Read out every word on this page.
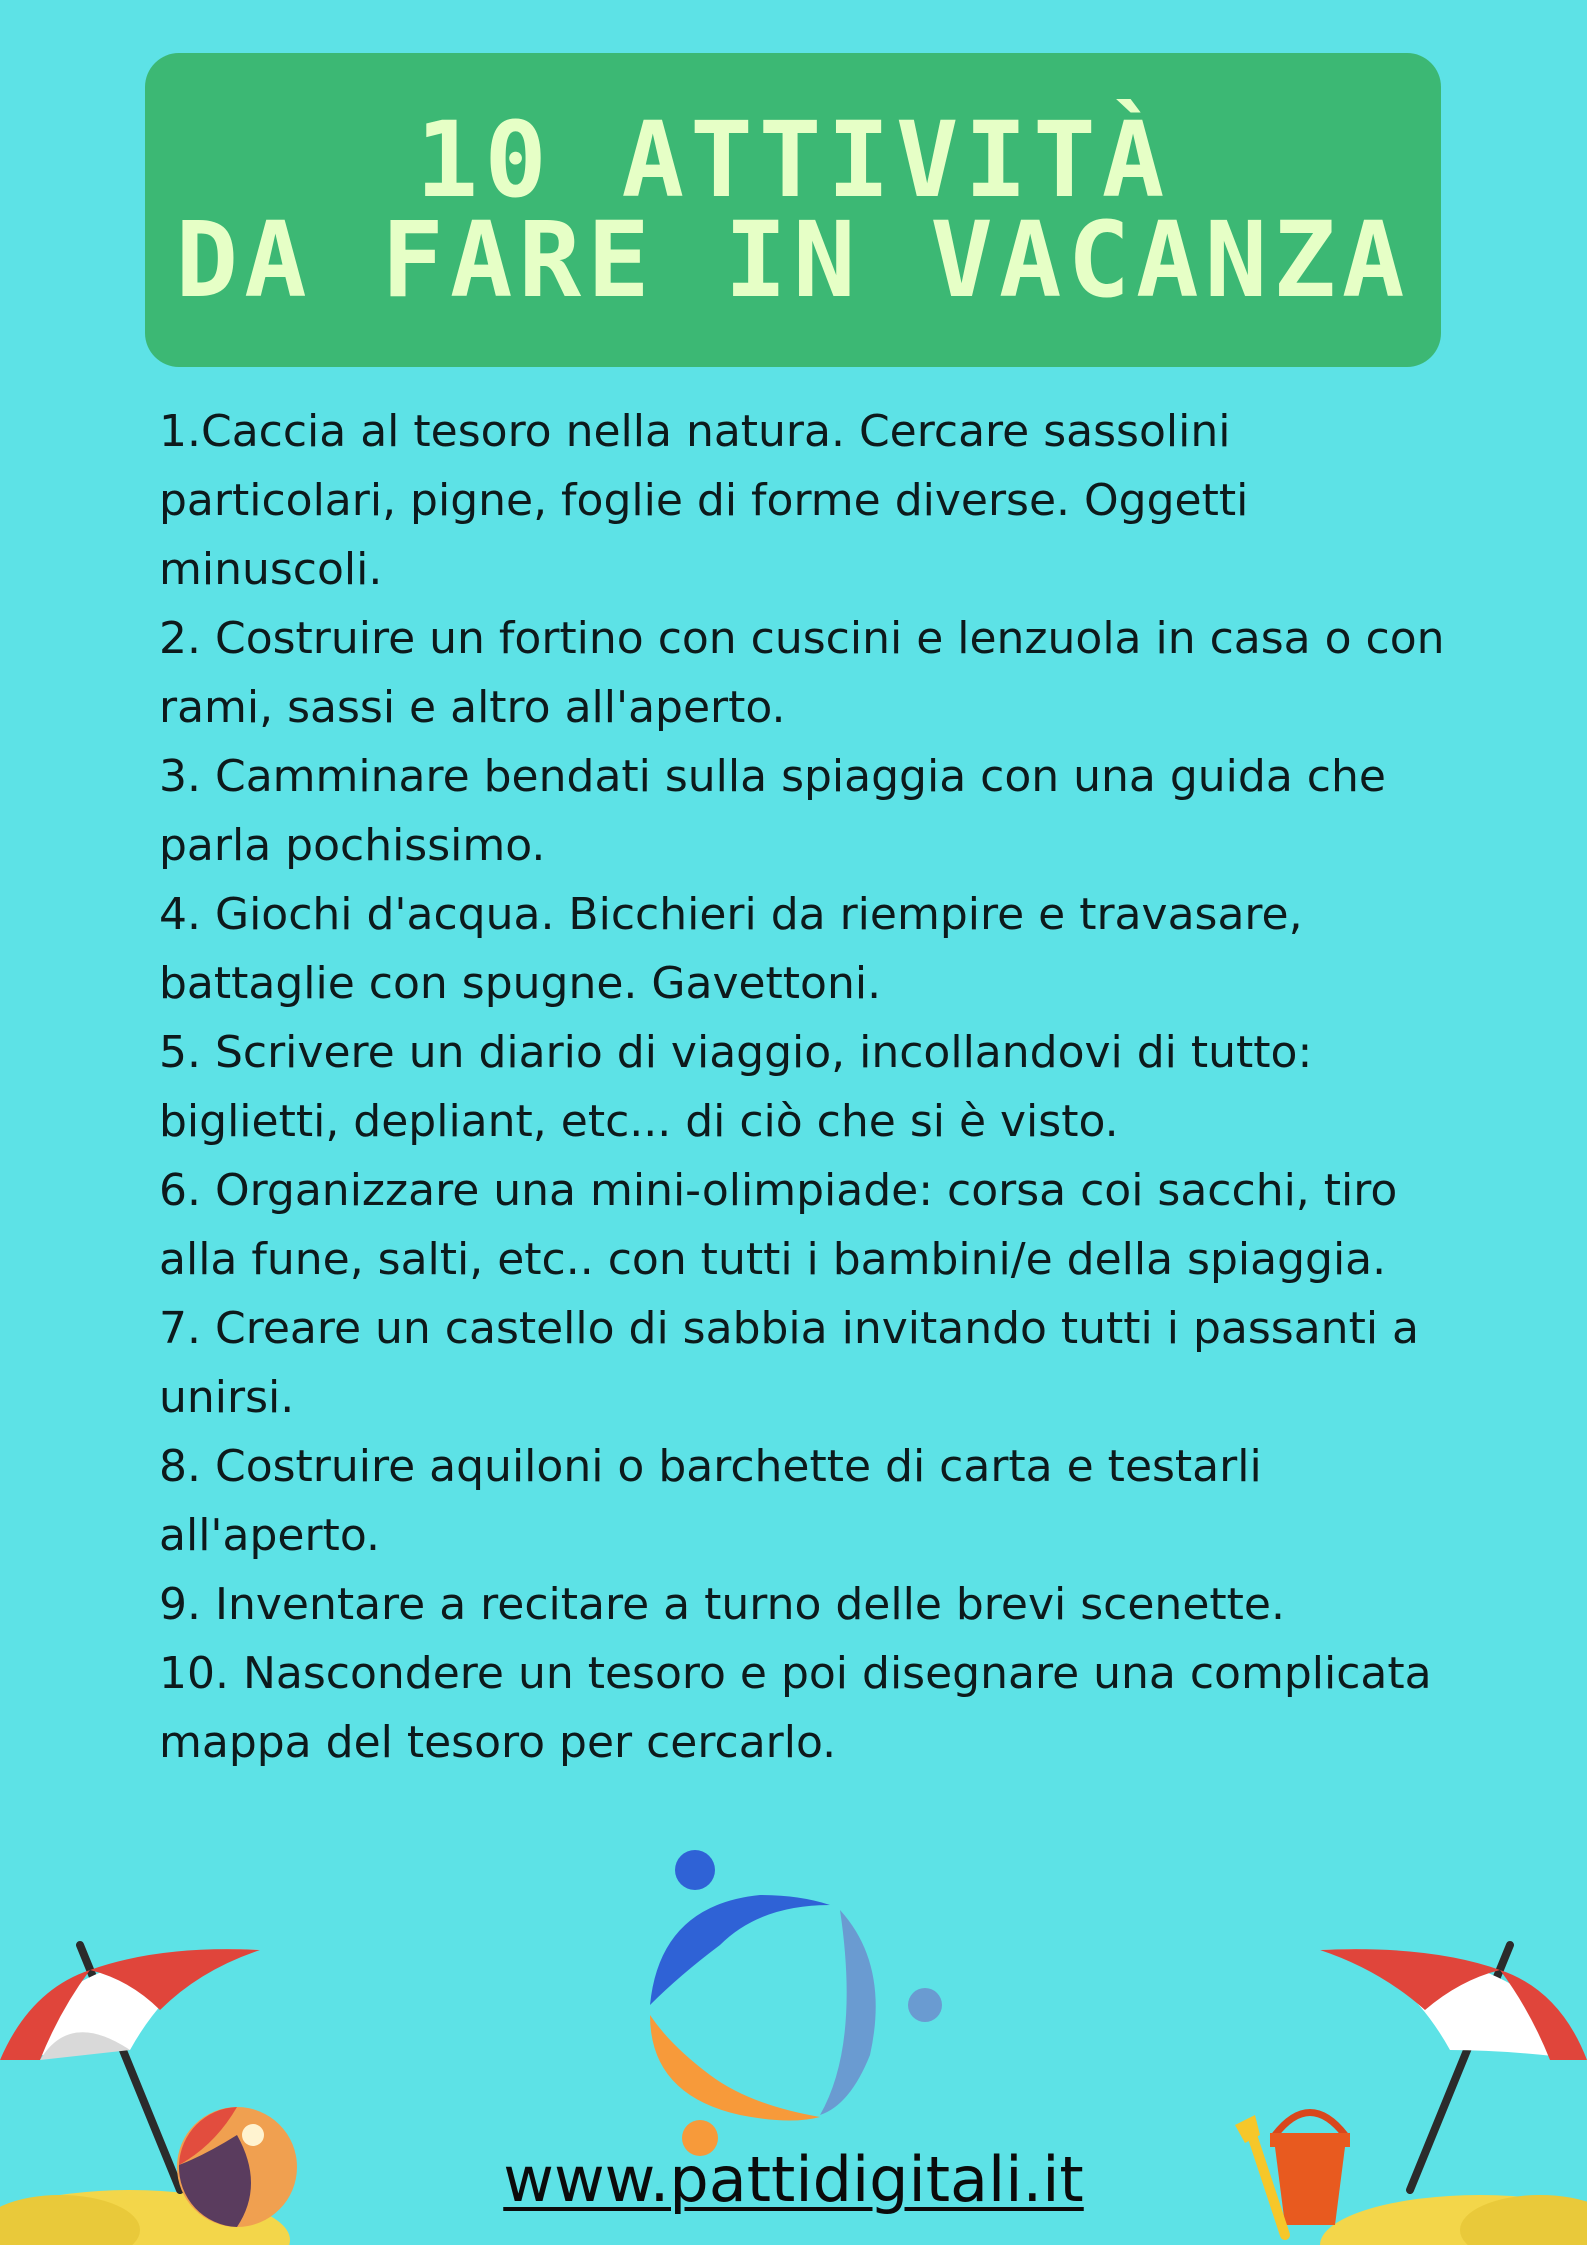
10 ATTIVITÀ
DA FARE IN VACANZA
1.Caccia al tesoro nella natura. Cercare sassolini particolari, pigne, foglie di forme diverse. Oggetti minuscoli.
2. Costruire un fortino con cuscini e lenzuola in casa o con rami, sassi e altro all'aperto.
3. Camminare bendati sulla spiaggia con una guida che parla pochissimo.
4. Giochi d'acqua. Bicchieri da riempire e travasare, battaglie con spugne. Gavettoni.
5. Scrivere un diario di viaggio, incollandovi di tutto: biglietti, depliant, etc... di ciò che si è visto.
6. Organizzare una mini-olimpiade: corsa coi sacchi, tiro alla fune, salti, etc.. con tutti i bambini/e della spiaggia.
7. Creare un castello di sabbia invitando tutti i passanti a unirsi.
8. Costruire aquiloni o barchette di carta e testarli all'aperto.
9. Inventare a recitare a turno delle brevi scenette.
10. Nascondere un tesoro e poi disegnare una complicata mappa del tesoro per cercarlo.
www.pattidigitali.it
